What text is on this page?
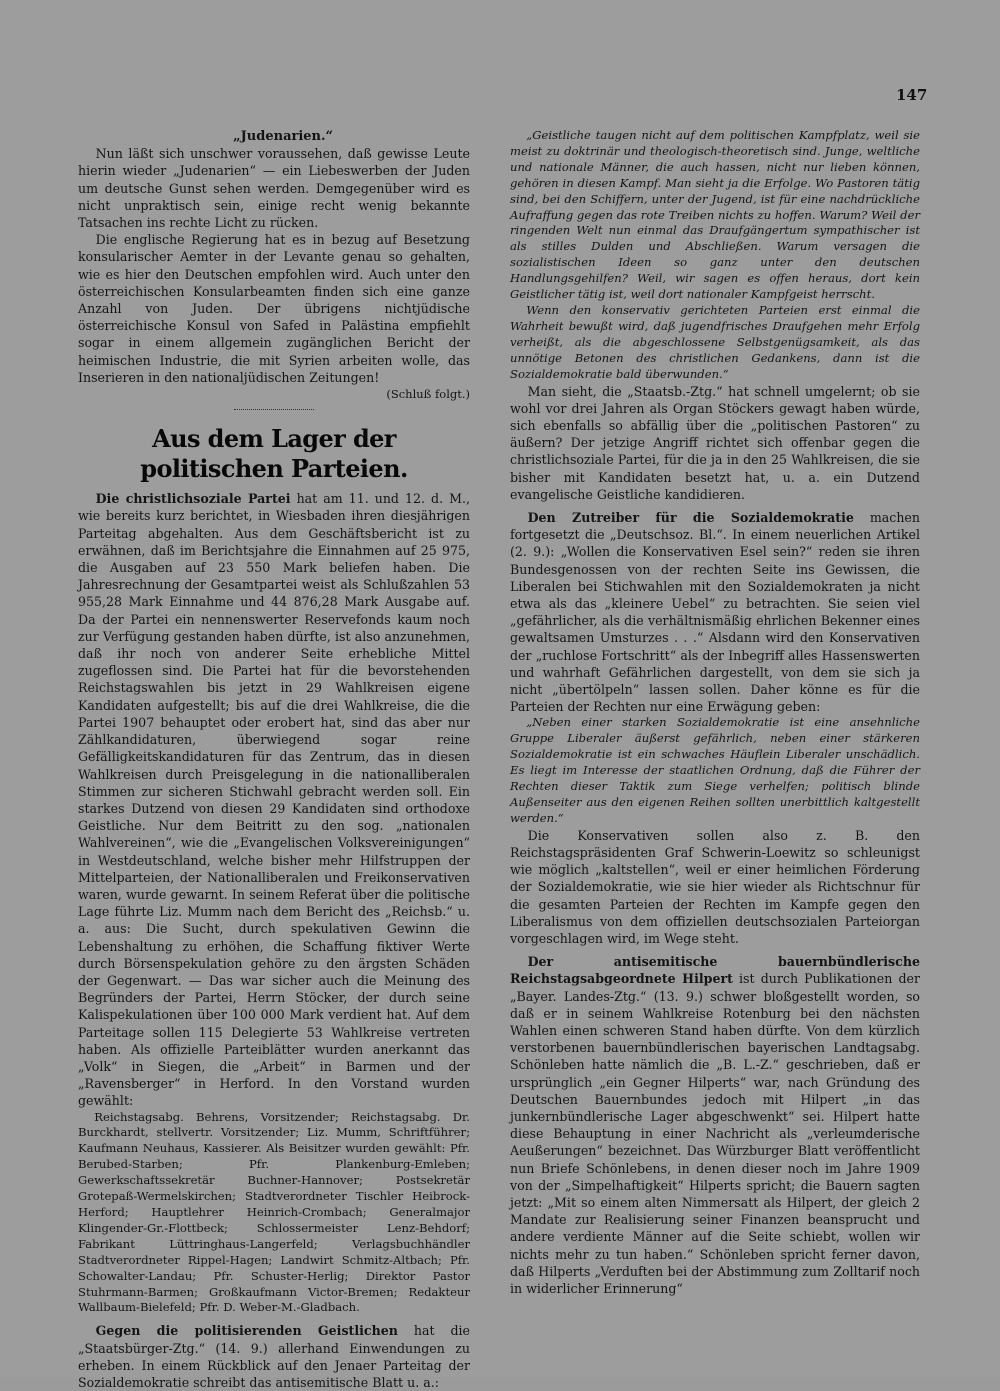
147

„Judenarien.“

Nun läßt sich unschwer voraussehen, daß gewisse Leute hierin wieder „Judenarien“ — ein Liebeswerben der Juden um deutsche Gunst sehen werden. Demgegenüber wird es nicht unpraktisch sein, einige recht wenig bekannte Tatsachen ins rechte Licht zu rücken.

Die englische Regierung hat es in bezug auf Besetzung konsularischer Aemter in der Levante genau so gehalten, wie es hier den Deutschen empfohlen wird. Auch unter den österreichischen Konsularbeamten finden sich eine ganze Anzahl von Juden. Der übrigens nichtjüdische österreichische Konsul von Safed in Palästina empfiehlt sogar in einem allgemein zugänglichen Bericht der heimischen Industrie, die mit Syrien arbeiten wolle, das Inserieren in den nationaljüdischen Zeitungen!
(Schluß folgt.)

Aus dem Lager der politischen Parteien.

Die christlichsoziale Partei hat am 11. und 12. d. M., wie bereits kurz berichtet, in Wiesbaden ihren diesjährigen Parteitag abgehalten. Aus dem Geschäftsbericht ist zu erwähnen, daß im Berichtsjahre die Einnahmen auf 25 975, die Ausgaben auf 23 550 Mark beliefen haben. Die Jahresrechnung der Gesamtpartei weist als Schlußzahlen 53 955,28 Mark Einnahme und 44 876,28 Mark Ausgabe auf. Da der Partei ein nennenswerter Reservefonds kaum noch zur Verfügung gestanden haben dürfte, ist also anzunehmen, daß ihr noch von anderer Seite erhebliche Mittel zugeflossen sind. Die Partei hat für die bevorstehenden Reichstagswahlen bis jetzt in 29 Wahlkreisen eigene Kandidaten aufgestellt; bis auf die drei Wahlkreise, die die Partei 1907 behauptet oder erobert hat, sind das aber nur Zählkandidaturen, überwiegend sogar reine Gefälligkeitskandidaturen für das Zentrum, das in diesen Wahlkreisen durch Preisgelegung in die nationalliberalen Stimmen zur sicheren Stichwahl gebracht werden soll. Ein starkes Dutzend von diesen 29 Kandidaten sind orthodoxe Geistliche. Nur dem Beitritt zu den sog. „nationalen Wahlvereinen“, wie die „Evangelischen Volksvereinigungen“ in Westdeutschland, welche bisher mehr Hilfstruppen der Mittelparteien, der Nationalliberalen und Freikonservativen waren, wurde gewarnt. In seinem Referat über die politische Lage führte Liz. Mumm nach dem Bericht des „Reichsb.“ u. a. aus: Die Sucht, durch spekulativen Gewinn die Lebenshaltung zu erhöhen, die Schaffung fiktiver Werte durch Börsenspekulation gehöre zu den ärgsten Schäden der Gegenwart. — Das war sicher auch die Meinung des Begründers der Partei, Herrn Stöcker, der durch seine Kalispekulationen über 100 000 Mark verdient hat. Auf dem Parteitage sollen 115 Delegierte 53 Wahlkreise vertreten haben. Als offizielle Parteiblätter wurden anerkannt das „Volk“ in Siegen, die „Arbeit“ in Barmen und der „Ravensberger“ in Herford. In den Vorstand wurden gewählt:

Reichstagsabg. Behrens, Vorsitzender; Reichstagsabg. Dr. Burckhardt, stellvertr. Vorsitzender; Liz. Mumm, Schriftführer; Kaufmann Neuhaus, Kassierer. Als Beisitzer wurden gewählt: Pfr. Berubed-Starben; Pfr. Plankenburg-Emleben; Gewerkschaftssekretär Buchner-Hannover; Postsekretär Grotepaß-Wermelskirchen; Stadtverordneter Tischler Heibrock-Herford; Hauptlehrer Heinrich-Crombach; Generalmajor Klingender-Gr.-Flottbeck; Schlossermeister Lenz-Behdorf; Fabrikant Lüttringhaus-Langerfeld; Verlagsbuchhändler Stadtverordneter Rippel-Hagen; Landwirt Schmitz-Altbach; Pfr. Schowalter-Landau; Pfr. Schuster-Herlig; Direktor Pastor Stuhrmann-Barmen; Großkaufmann Victor-Bremen; Redakteur Wallbaum-Bielefeld; Pfr. D. Weber-M.-Gladbach.

Gegen die politisierenden Geistlichen hat die „Staatsbürger-Ztg.“ (14. 9.) allerhand Einwendungen zu erheben. In einem Rückblick auf den Jenaer Parteitag der Sozialdemokratie schreibt das antisemitische Blatt u. a.:

„Geistliche taugen nicht auf dem politischen Kampfplatz, weil sie meist zu doktrinär und theologisch-theoretisch sind. Junge, weltliche und nationale Männer, die auch hassen, nicht nur lieben können, gehören in diesen Kampf. Man sieht ja die Erfolge. Wo Pastoren tätig sind, bei den Schiffern, unter der Jugend, ist für eine nachdrückliche Aufraffung gegen das rote Treiben nichts zu hoffen. Warum? Weil der ringenden Welt nun einmal das Draufgängertum sympathischer ist als stilles Dulden und Abschließen. Warum versagen die sozialistischen Ideen so ganz unter den deutschen Handlungsgehilfen? Weil, wir sagen es offen heraus, dort kein Geistlicher tätig ist, weil dort nationaler Kampfgeist herrscht.

Wenn den konservativ gerichteten Parteien erst einmal die Wahrheit bewußt wird, daß jugendfrisches Draufgehen mehr Erfolg verheißt, als die abgeschlossene Selbstgenügsamkeit, als das unnötige Betonen des christlichen Gedankens, dann ist die Sozialdemokratie bald überwunden.“

Man sieht, die „Staatsb.-Ztg.“ hat schnell umgelernt; ob sie wohl vor drei Jahren als Organ Stöckers gewagt haben würde, sich ebenfalls so abfällig über die „politischen Pastoren“ zu äußern? Der jetzige Angriff richtet sich offenbar gegen die christlichsoziale Partei, für die ja in den 25 Wahlkreisen, die sie bisher mit Kandidaten besetzt hat, u. a. ein Dutzend evangelische Geistliche kandidieren.

Den Zutreiber für die Sozialdemokratie machen fortgesetzt die „Deutschsoz. Bl.“. In einem neuerlichen Artikel (2. 9.): „Wollen die Konservativen Esel sein?“ reden sie ihren Bundesgenossen von der rechten Seite ins Gewissen, die Liberalen bei Stichwahlen mit den Sozialdemokraten ja nicht etwa als das „kleinere Uebel“ zu betrachten. Sie seien viel „gefährlicher, als die verhältnismäßig ehrlichen Bekenner eines gewaltsamen Umsturzes . . .“ Alsdann wird den Konservativen der „ruchlose Fortschritt“ als der Inbegriff alles Hassenswerten und wahrhaft Gefährlichen dargestellt, von dem sie sich ja nicht „übertölpeln“ lassen sollen. Daher könne es für die Parteien der Rechten nur eine Erwägung geben:

„Neben einer starken Sozialdemokratie ist eine ansehnliche Gruppe Liberaler äußerst gefährlich, neben einer stärkeren Sozialdemokratie ist ein schwaches Häuflein Liberaler unschädlich. Es liegt im Interesse der staatlichen Ordnung, daß die Führer der Rechten dieser Taktik zum Siege verhelfen; politisch blinde Außenseiter aus den eigenen Reihen sollten unerbittlich kaltgestellt werden.“

Die Konservativen sollen also z. B. den Reichstagspräsidenten Graf Schwerin-Loewitz so schleunigst wie möglich „kaltstellen“, weil er einer heimlichen Förderung der Sozialdemokratie, wie sie hier wieder als Richtschnur für die gesamten Parteien der Rechten im Kampfe gegen den Liberalismus von dem offiziellen deutschsozialen Parteiorgan vorgeschlagen wird, im Wege steht.

Der antisemitische bauernbündlerische Reichstagsabgeordnete Hilpert ist durch Publikationen der „Bayer. Landes-Ztg.“ (13. 9.) schwer bloßgestellt worden, so daß er in seinem Wahlkreise Rotenburg bei den nächsten Wahlen einen schweren Stand haben dürfte. Von dem kürzlich verstorbenen bauernbündlerischen bayerischen Landtagsabg. Schönleben hatte nämlich die „B. L.-Z.“ geschrieben, daß er ursprünglich „ein Gegner Hilperts“ war, nach Gründung des Deutschen Bauernbundes jedoch mit Hilpert „in das junkernbündlerische Lager abgeschwenkt“ sei. Hilpert hatte diese Behauptung in einer Nachricht als „verleumderische Aeußerungen“ bezeichnet. Das Würzburger Blatt veröffentlicht nun Briefe Schönlebens, in denen dieser noch im Jahre 1909 von der „Simpelhaftigkeit“ Hilperts spricht; die Bauern sagten jetzt: „Mit so einem alten Nimmersatt als Hilpert, der gleich 2 Mandate zur Realisierung seiner Finanzen beansprucht und andere verdiente Männer auf die Seite schiebt, wollen wir nichts mehr zu tun haben.“ Schönleben spricht ferner davon, daß Hilperts „Verduften bei der Abstimmung zum Zolltarif noch in widerlicher Erinnerung“
